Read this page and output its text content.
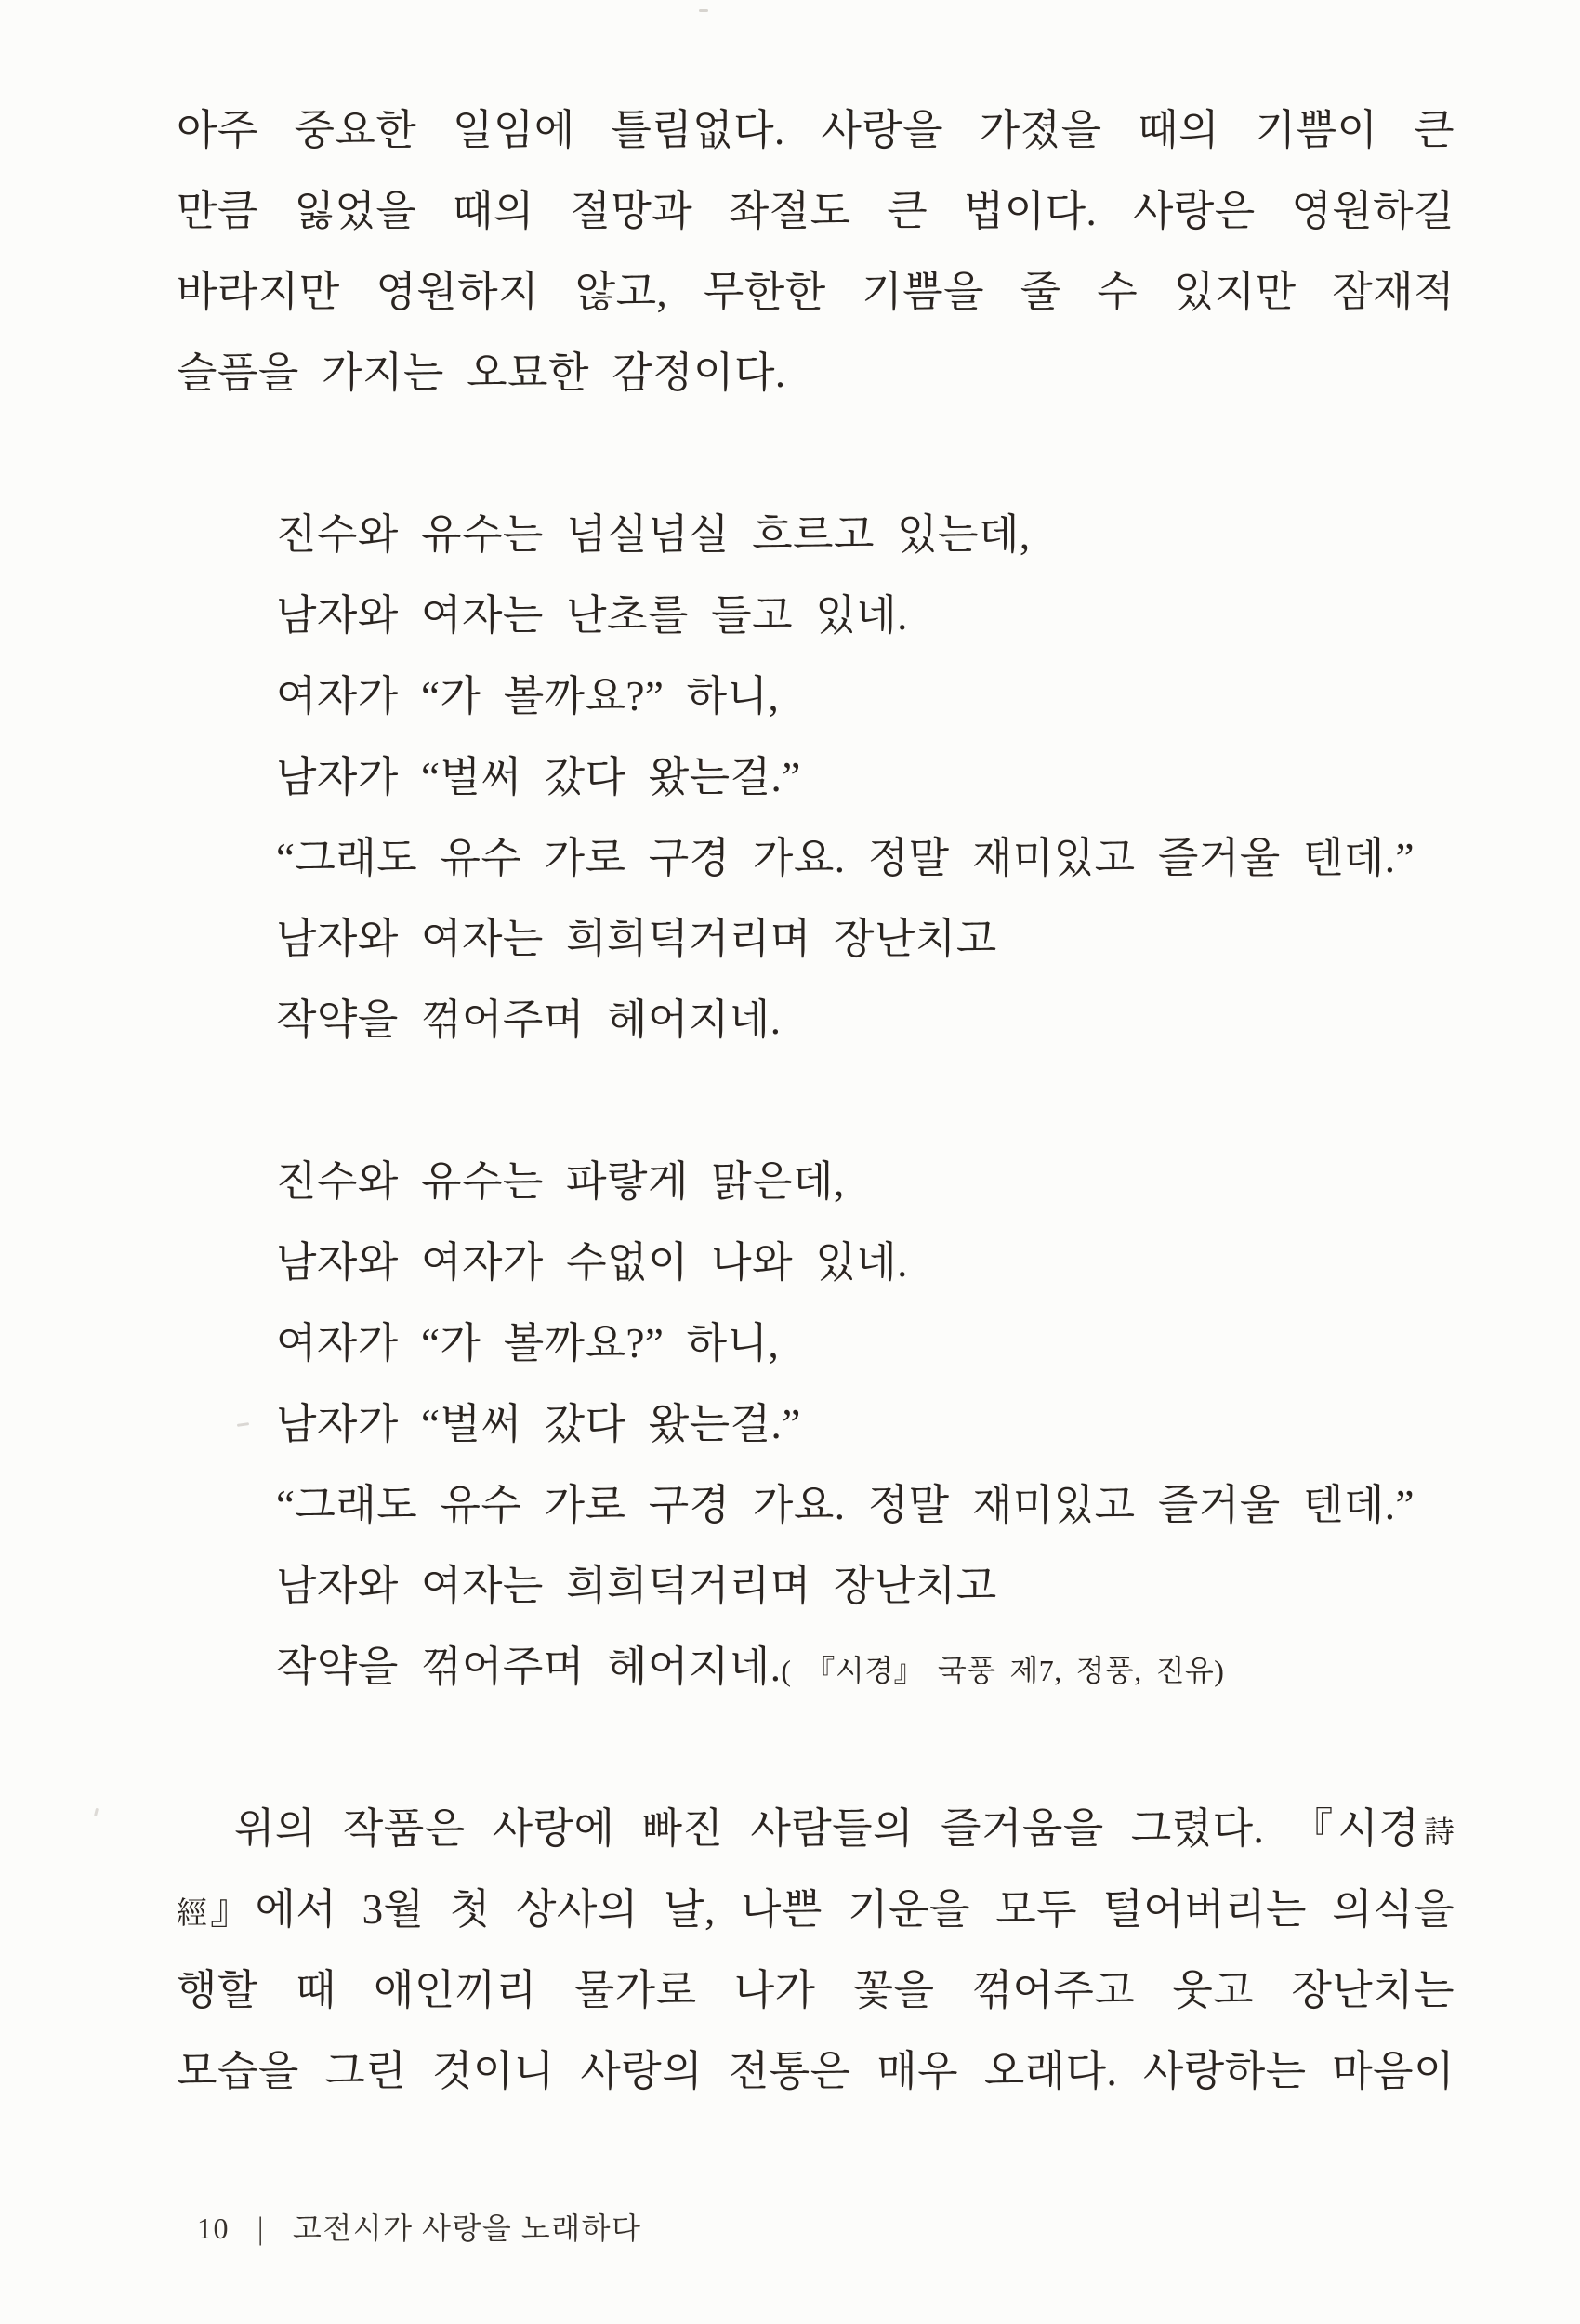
아주 중요한 일임에 틀림없다. 사랑을 가졌을 때의 기쁨이 큰
만큼 잃었을 때의 절망과 좌절도 큰 법이다. 사랑은 영원하길
바라지만 영원하지 않고, 무한한 기쁨을 줄 수 있지만 잠재적
슬픔을 가지는 오묘한 감정이다.
진수와 유수는 넘실넘실 흐르고 있는데,
남자와 여자는 난초를 들고 있네.
여자가 “가 볼까요?” 하니,
남자가 “벌써 갔다 왔는걸.”
“그래도 유수 가로 구경 가요. 정말 재미있고 즐거울 텐데.”
남자와 여자는 희희덕거리며 장난치고
작약을 꺾어주며 헤어지네.
진수와 유수는 파랗게 맑은데,
남자와 여자가 수없이 나와 있네.
여자가 “가 볼까요?” 하니,
남자가 “벌써 갔다 왔는걸.”
“그래도 유수 가로 구경 가요. 정말 재미있고 즐거울 텐데.”
남자와 여자는 희희덕거리며 장난치고
작약을 꺾어주며 헤어지네.( 『시경』 국풍 제7, 정풍, 진유)
위의 작품은 사랑에 빠진 사람들의 즐거움을 그렸다. 『시경詩
經』에서 3월 첫 상사의 날, 나쁜 기운을 모두 털어버리는 의식을
행할 때 애인끼리 물가로 나가 꽃을 꺾어주고 웃고 장난치는
모습을 그린 것이니 사랑의 전통은 매우 오래다. 사랑하는 마음이
10 | 고전시가 사랑을 노래하다
